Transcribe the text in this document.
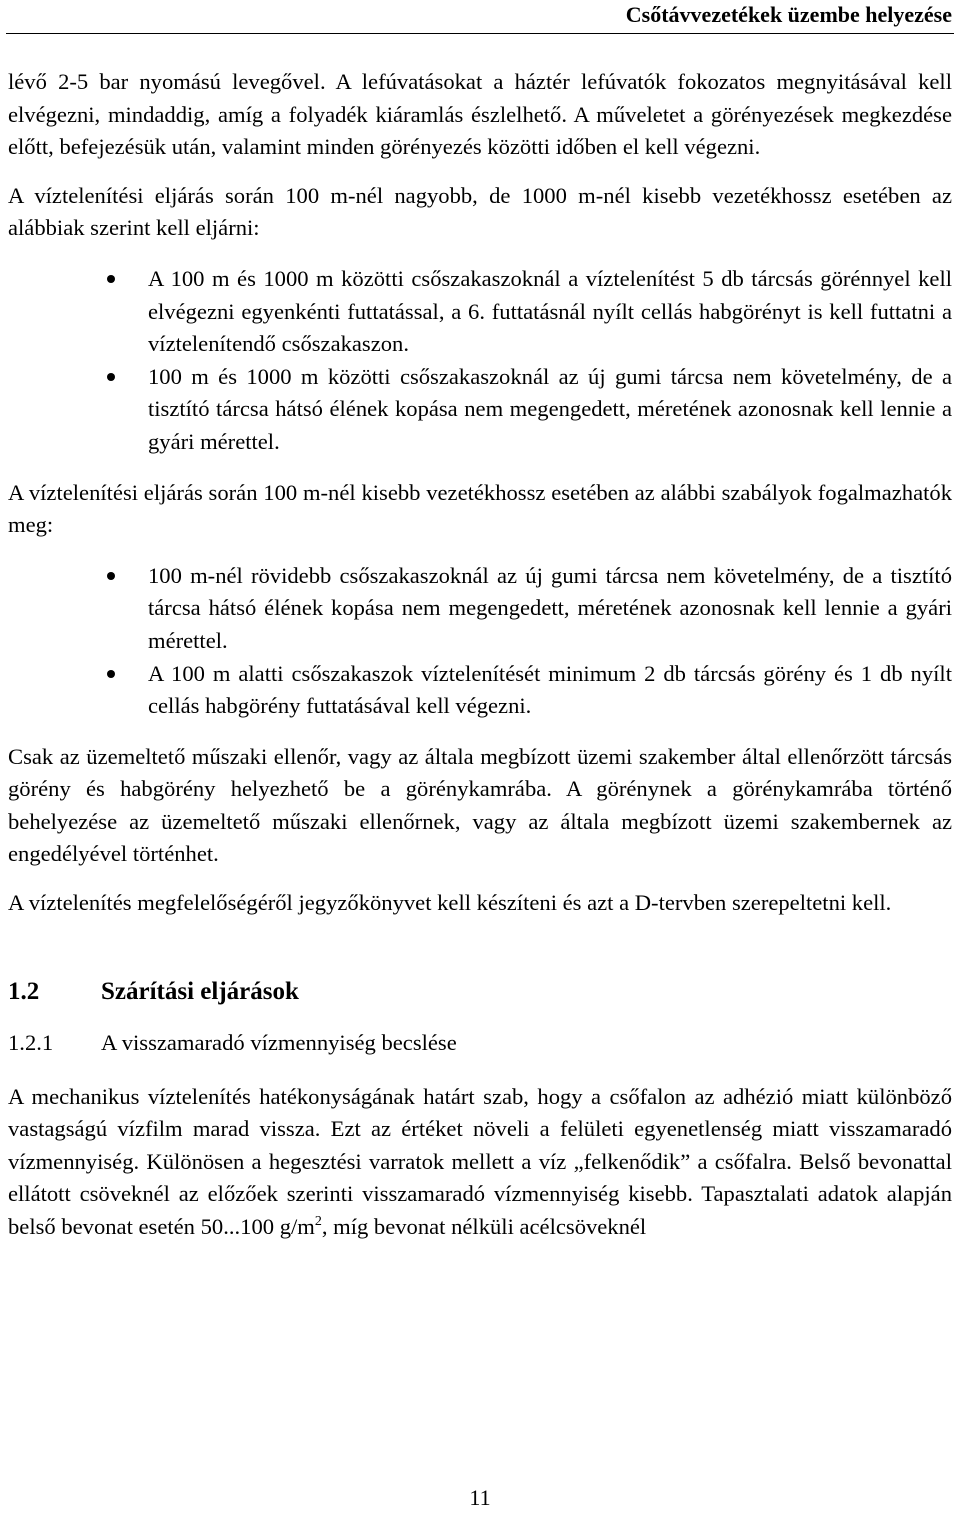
Csőtávvezetékek üzembe helyezése

lévő 2-5 bar nyomású levegővel. A lefúvatásokat a háztér lefúvatók fokozatos megnyitásával kell elvégezni, mindaddig, amíg a folyadék kiáramlás észlelhető. A műveletet a görényezések megkezdése előtt, befejezésük után, valamint minden görényezés közötti időben el kell végezni.

A víztelenítési eljárás során 100 m-nél nagyobb, de 1000 m-nél kisebb vezetékhossz esetében az alábbiak szerint kell eljárni:

A 100 m és 1000 m közötti csőszakaszoknál a víztelenítést 5 db tárcsás görénnyel kell elvégezni egyenkénti futtatással, a 6. futtatásnál nyílt cellás habgörényt is kell futtatni a víztelenítendő csőszakaszon.
100 m és 1000 m közötti csőszakaszoknál az új gumi tárcsa nem követelmény, de a tisztító tárcsa hátsó élének kopása nem megengedett, méretének azonosnak kell lennie a gyári mérettel.

A víztelenítési eljárás során 100 m-nél kisebb vezetékhossz esetében az alábbi szabályok fogalmazhatók meg:

100 m-nél rövidebb csőszakaszoknál az új gumi tárcsa nem követelmény, de a tisztító tárcsa hátsó élének kopása nem megengedett, méretének azonosnak kell lennie a gyári mérettel.
A 100 m alatti csőszakaszok víztelenítését minimum 2 db tárcsás görény és 1 db nyílt cellás habgörény futtatásával kell végezni.

Csak az üzemeltető műszaki ellenőr, vagy az általa megbízott üzemi szakember által ellenőrzött tárcsás görény és habgörény helyezhető be a görénykamrába. A görénynek a görénykamrába történő behelyezése az üzemeltető műszaki ellenőrnek, vagy az általa megbízott üzemi szakembernek az engedélyével történhet.

A víztelenítés megfelelőségéről jegyzőkönyvet kell készíteni és azt a D-tervben szerepeltetni kell.

1.2	Szárítási eljárások
1.2.1	A visszamaradó vízmennyiség becslése

A mechanikus víztelenítés hatékonyságának határt szab, hogy a csőfalon az adhézió miatt különböző vastagságú vízfilm marad vissza. Ezt az értéket növeli a felületi egyenetlenség miatt visszamaradó vízmennyiség. Különösen a hegesztési varratok mellett a víz „felkenődik” a csőfalra. Belső bevonattal ellátott csöveknél az előzőek szerinti visszamaradó vízmennyiség kisebb. Tapasztalati adatok alapján belső bevonat esetén 50...100 $g/m^2$, míg bevonat nélküli acélcsöveknél

11
